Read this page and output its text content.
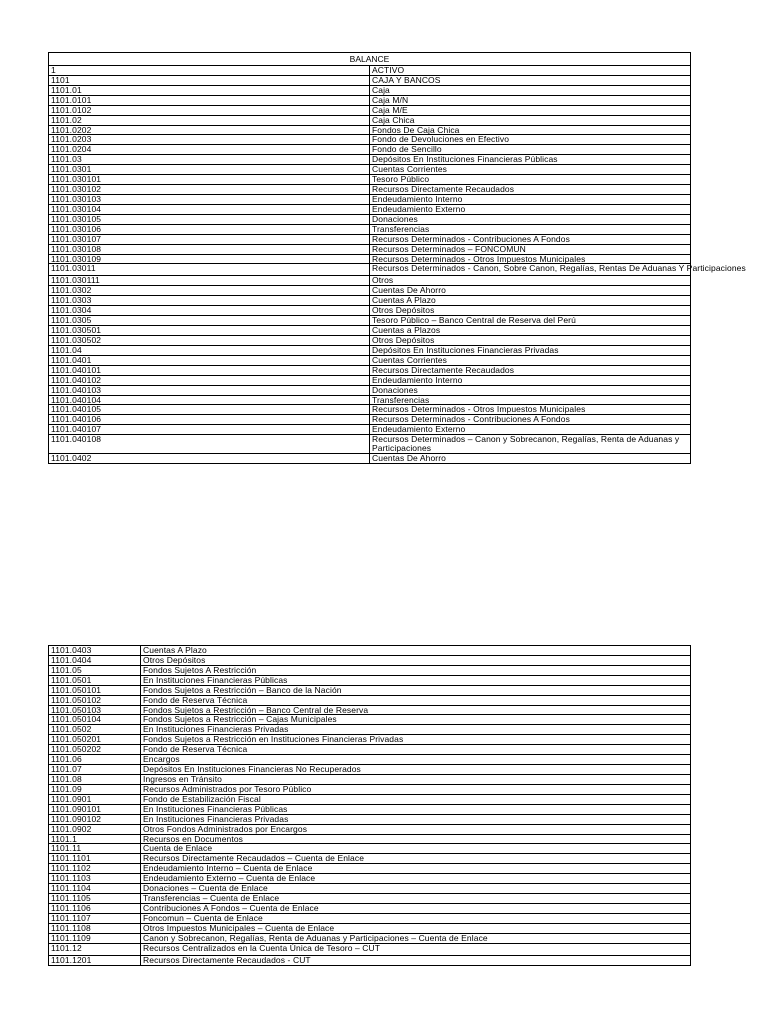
BALANCE	
1	ACTIVO
1101	CAJA Y BANCOS
1101.01	Caja
1101.0101	Caja M/N
1101.0102	Caja M/E
1101.02	Caja Chica
1101.0202	Fondos De Caja Chica
1101.0203	Fondo de Devoluciones en Efectivo
1101.0204	Fondo de Sencillo
1101.03	Depósitos En Instituciones Financieras Públicas
1101.0301	Cuentas Corrientes
1101.030101	Tesoro Público
1101.030102	Recursos Directamente Recaudados
1101.030103	Endeudamiento Interno
1101.030104	Endeudamiento Externo
1101.030105	Donaciones
1101.030106	Transferencias
1101.030107	Recursos Determinados - Contribuciones A Fondos
1101.030108	Recursos Determinados – FONCOMUN
1101.030109	Recursos Determinados - Otros Impuestos Municipales
1101.03011	Recursos Determinados - Canon, Sobre Canon, Regalías, Rentas De Aduanas Y Participaciones
1101.030111	Otros
1101.0302	Cuentas De Ahorro
1101.0303	Cuentas A Plazo
1101.0304	Otros Depósitos
1101.0305	Tesoro Público – Banco Central de Reserva del Perú
1101.030501	Cuentas a Plazos
1101.030502	Otros Depósitos
1101.04	Depósitos En Instituciones Financieras Privadas
1101.0401	Cuentas Corrientes
1101.040101	Recursos Directamente Recaudados
1101.040102	Endeudamiento Interno
1101.040103	Donaciones
1101.040104	Transferencias
1101.040105	Recursos Determinados - Otros Impuestos Municipales
1101.040106	Recursos Determinados - Contribuciones A Fondos
1101.040107	Endeudamiento Externo
1101.040108	Recursos Determinados – Canon y Sobrecanon, Regalías, Renta de Aduanas y Participaciones
1101.0402	Cuentas De Ahorro
1101.0403	Cuentas A Plazo
1101.0404	Otros Depósitos
1101.05	Fondos Sujetos A Restricción
1101.0501	En Instituciones Financieras Públicas
1101.050101	Fondos Sujetos a Restricción – Banco de la Nación
1101.050102	Fondo de Reserva Técnica
1101.050103	Fondos Sujetos a Restricción – Banco Central de Reserva
1101.050104	Fondos Sujetos a Restricción – Cajas Municipales
1101.0502	En Instituciones Financieras Privadas
1101.050201	Fondos Sujetos a Restricción en Instituciones Financieras Privadas
1101.050202	Fondo de Reserva Técnica
1101.06	Encargos
1101.07	Depósitos En Instituciones Financieras No Recuperados
1101.08	Ingresos en Tránsito
1101.09	Recursos Administrados por Tesoro Público
1101.0901	Fondo de Estabilización Fiscal
1101.090101	En Instituciones Financieras Públicas
1101.090102	En Instituciones Financieras Privadas
1101.0902	Otros Fondos Administrados por Encargos
1101.1	Recursos en Documentos
1101.11	Cuenta de Enlace
1101.1101	Recursos Directamente Recaudados – Cuenta de Enlace
1101.1102	Endeudamiento Interno – Cuenta de Enlace
1101.1103	Endeudamiento Externo – Cuenta de Enlace
1101.1104	Donaciones – Cuenta de Enlace
1101.1105	Transferencias – Cuenta de Enlace
1101.1106	Contribuciones A Fondos – Cuenta de Enlace
1101.1107	Foncomun – Cuenta de Enlace
1101.1108	Otros Impuestos Municipales – Cuenta de Enlace
1101.1109	Canon y Sobrecanon, Regalías, Renta de Aduanas y Participaciones – Cuenta de Enlace
1101.12	Recursos Centralizados en la Cuenta Única de Tesoro – CUT
1101.1201	Recursos Directamente Recaudados - CUT
